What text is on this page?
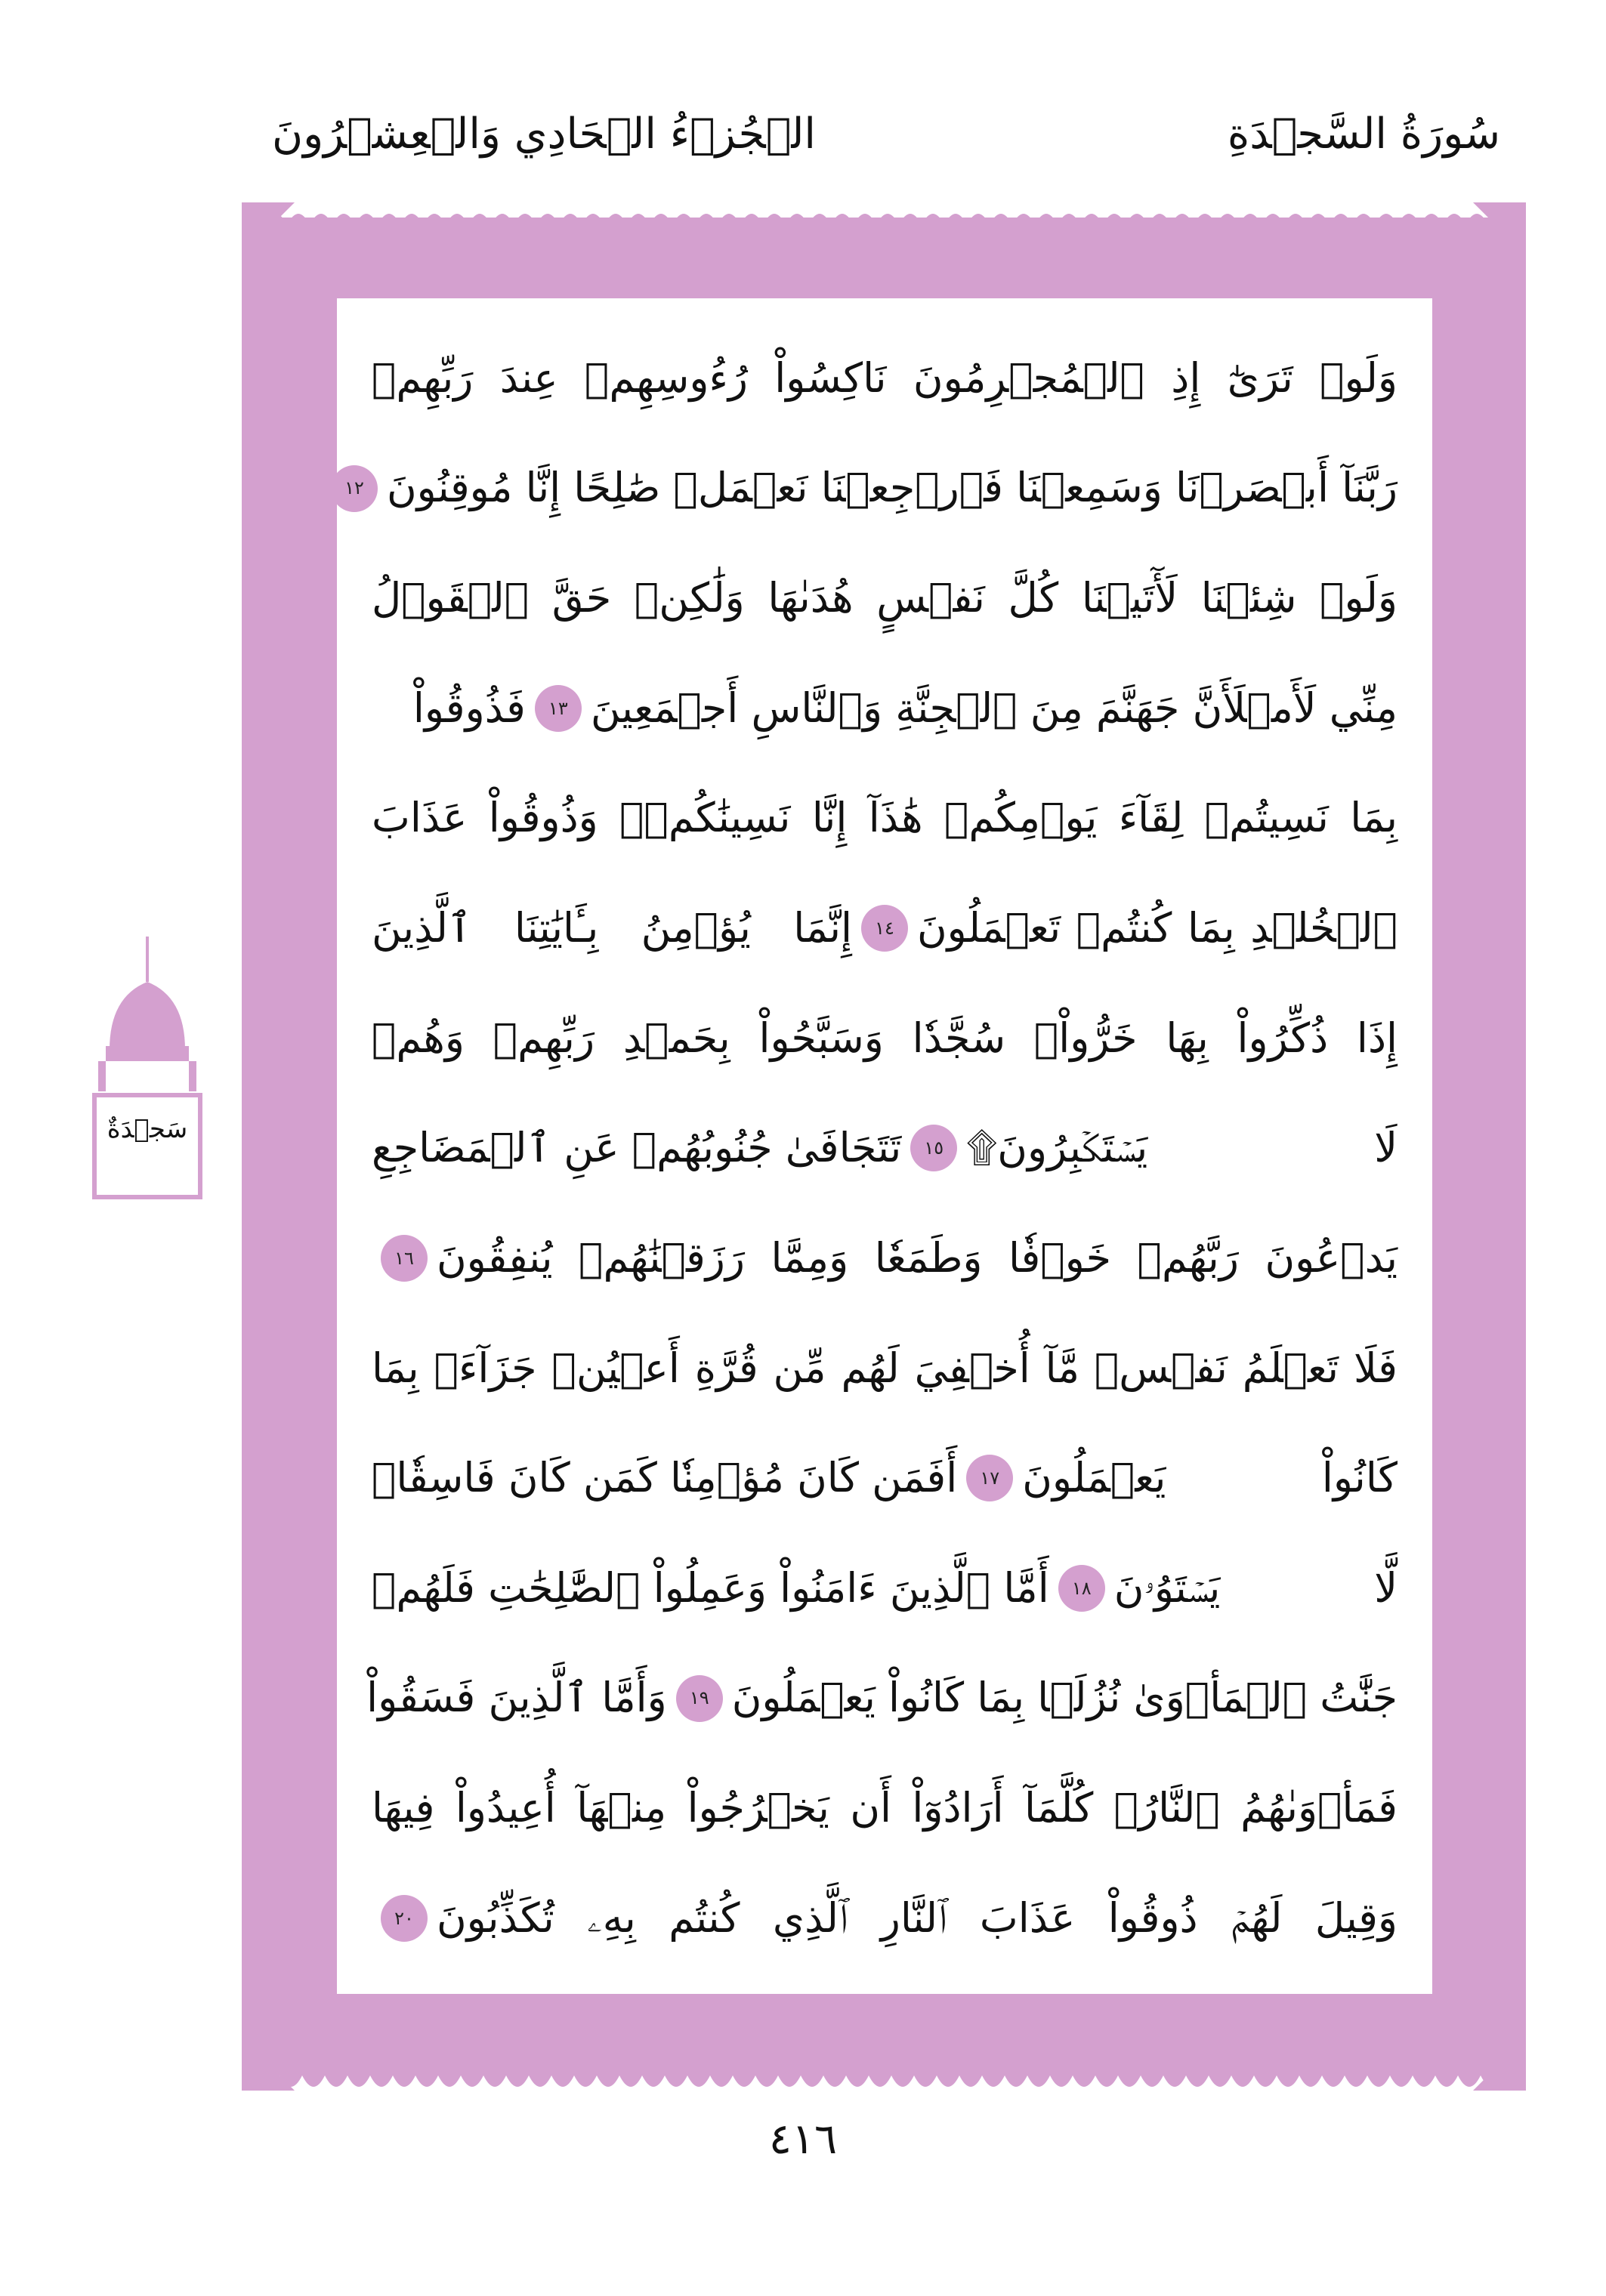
سُورَةُ السَّجۡدَةِ
الۡجُزۡءُ الۡحَادِي وَالۡعِشۡرُونَ
وَلَوۡ تَرَىٰٓ إِذِ ٱلۡمُجۡرِمُونَ نَاكِسُواْ رُءُوسِهِمۡ عِندَ رَبِّهِمۡ
رَبَّنَآ أَبۡصَرۡنَا وَسَمِعۡنَا فَٱرۡجِعۡنَا نَعۡمَلۡ صَٰلِحًا إِنَّا مُوقِنُونَ
١٢
وَلَوۡ شِئۡنَا لَأٓتَيۡنَا كُلَّ نَفۡسٍ هُدَىٰهَا وَلَٰكِنۡ حَقَّ ٱلۡقَوۡلُ
مِنِّي لَأَمۡلَأَنَّ جَهَنَّمَ مِنَ ٱلۡجِنَّةِ وَٱلنَّاسِ أَجۡمَعِينَ
١٣
فَذُوقُواْ
بِمَا نَسِيتُمۡ لِقَآءَ يَوۡمِكُمۡ هَٰذَآ إِنَّا نَسِينَٰكُمۡۖ وَذُوقُواْ عَذَابَ
ٱلۡخُلۡدِ بِمَا كُنتُمۡ تَعۡمَلُونَ
١٤
إِنَّمَا يُؤۡمِنُ بِـَٔايَٰتِنَا ٱلَّذِينَ
إِذَا ذُكِّرُواْ بِهَا خَرُّواْۤ سُجَّدٗا وَسَبَّحُواْ بِحَمۡدِ رَبِّهِمۡ وَهُمۡ
لَا يَسۡتَكۡبِرُونَ۩
١٥
تَتَجَافَىٰ جُنُوبُهُمۡ عَنِ ٱلۡمَضَاجِعِ
يَدۡعُونَ رَبَّهُمۡ خَوۡفٗا وَطَمَعٗا وَمِمَّا رَزَقۡنَٰهُمۡ يُنفِقُونَ
١٦
فَلَا تَعۡلَمُ نَفۡسٞ مَّآ أُخۡفِيَ لَهُم مِّن قُرَّةِ أَعۡيُنٖ جَزَآءَۢ بِمَا
كَانُواْ يَعۡمَلُونَ
١٧
أَفَمَن كَانَ مُؤۡمِنٗا كَمَن كَانَ فَاسِقٗاۚ
لَّا يَسۡتَوُۥنَ
١٨
أَمَّا ٱلَّذِينَ ءَامَنُواْ وَعَمِلُواْ ٱلصَّٰلِحَٰتِ فَلَهُمۡ
جَنَّٰتُ ٱلۡمَأۡوَىٰ نُزُلَۢا بِمَا كَانُواْ يَعۡمَلُونَ
١٩
وَأَمَّا ٱلَّذِينَ فَسَقُواْ
فَمَأۡوَىٰهُمُ ٱلنَّارُۖ كُلَّمَآ أَرَادُوٓاْ أَن يَخۡرُجُواْ مِنۡهَآ أُعِيدُواْ فِيهَا
وَقِيلَ لَهُمۡ ذُوقُواْ عَذَابَ ٱلنَّارِ ٱلَّذِي كُنتُم بِهِۦ تُكَذِّبُونَ
٢٠
سَجۡدَةٌ
٤١٦
